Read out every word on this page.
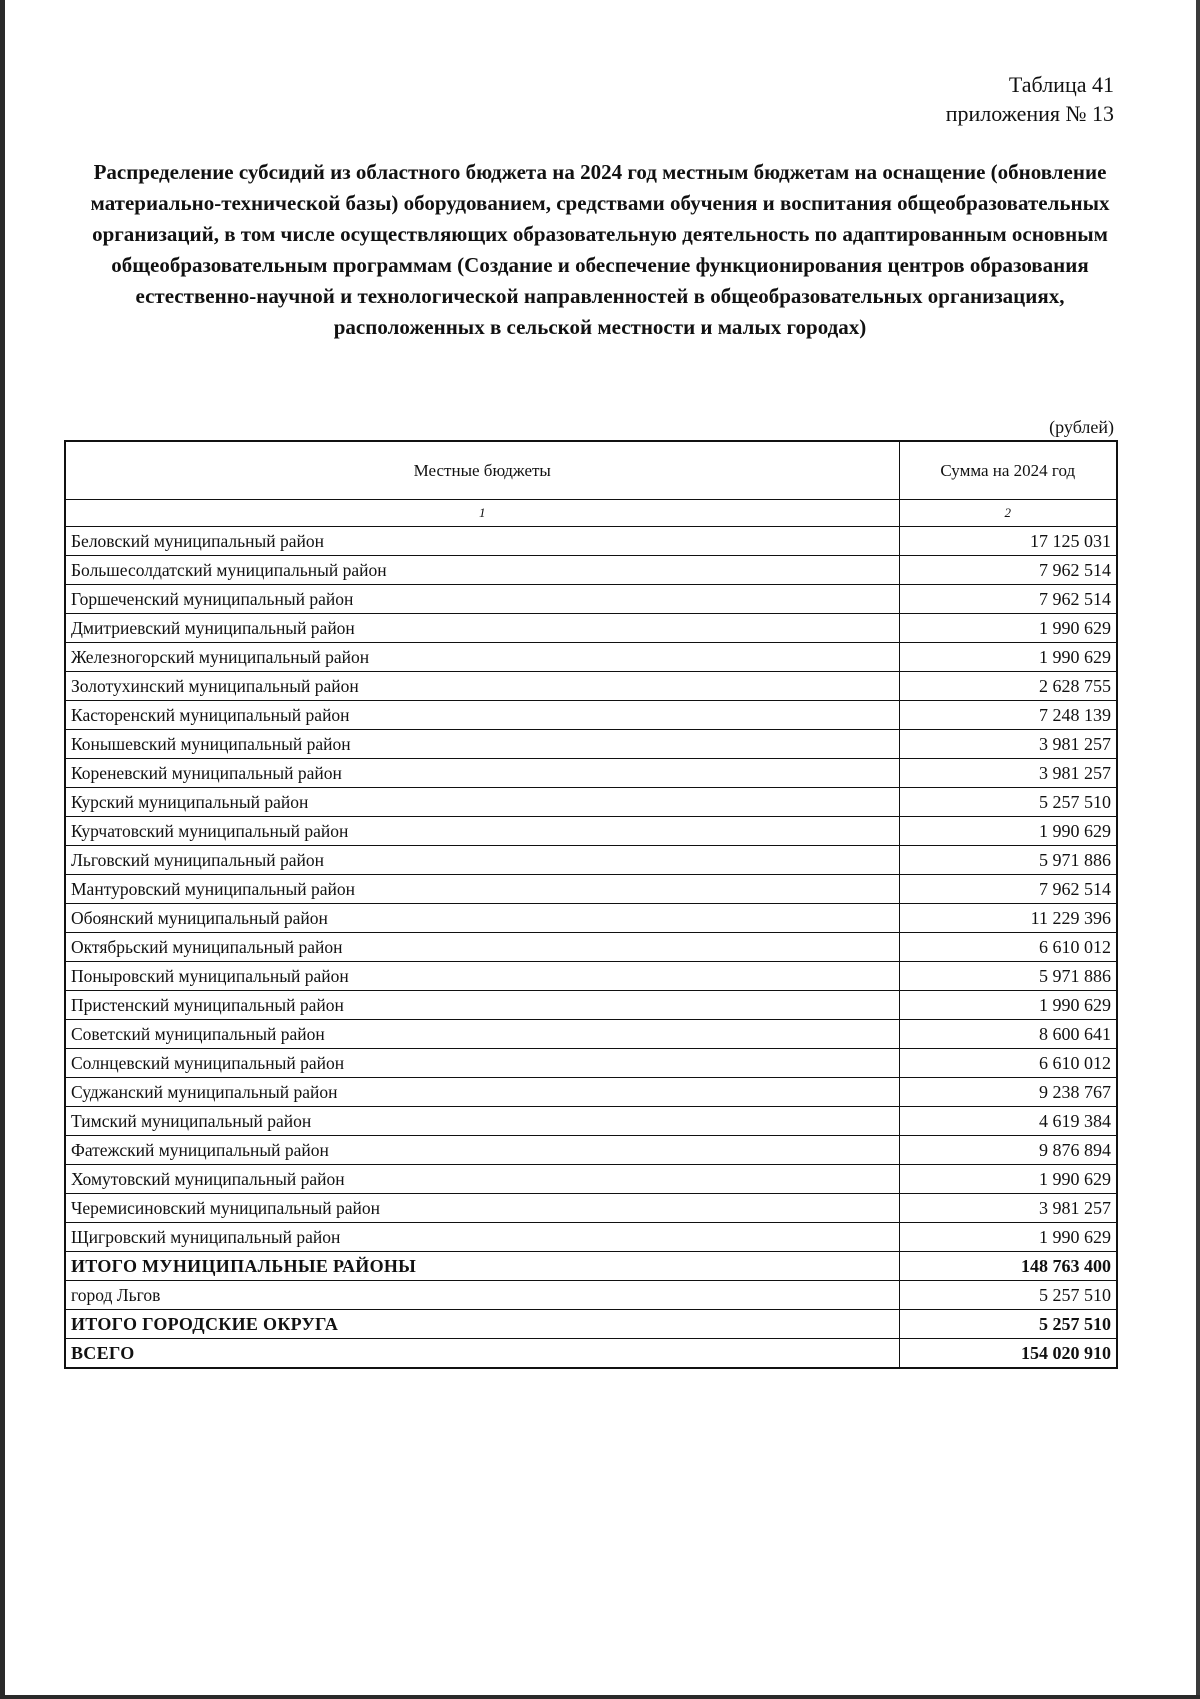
Таблица 41
приложения № 13
Распределение субсидий из областного бюджета на 2024 год местным бюджетам на оснащение (обновление материально-технической базы) оборудованием, средствами обучения и воспитания общеобразовательных организаций, в том числе осуществляющих образовательную деятельность по адаптированным основным общеобразовательным программам (Создание и обеспечение функционирования центров образования естественно-научной и технологической направленностей в общеобразовательных организациях, расположенных в сельской местности и малых городах)
(рублей)
Местные бюджеты	Сумма на 2024 год
1	2
Беловский муниципальный район	17 125 031
Большесолдатский муниципальный район	7 962 514
Горшеченский муниципальный район	7 962 514
Дмитриевский муниципальный район	1 990 629
Железногорский муниципальный район	1 990 629
Золотухинский муниципальный район	2 628 755
Касторенский муниципальный район	7 248 139
Конышевский муниципальный район	3 981 257
Кореневский муниципальный район	3 981 257
Курский муниципальный район	5 257 510
Курчатовский муниципальный район	1 990 629
Льговский муниципальный район	5 971 886
Мантуровский муниципальный район	7 962 514
Обоянский муниципальный район	11 229 396
Октябрьский муниципальный район	6 610 012
Поныровский муниципальный район	5 971 886
Пристенский муниципальный район	1 990 629
Советский муниципальный район	8 600 641
Солнцевский муниципальный район	6 610 012
Суджанский муниципальный район	9 238 767
Тимский муниципальный район	4 619 384
Фатежский муниципальный район	9 876 894
Хомутовский муниципальный район	1 990 629
Черемисиновский муниципальный район	3 981 257
Щигровский муниципальный район	1 990 629
ИТОГО МУНИЦИПАЛЬНЫЕ РАЙОНЫ	148 763 400
город Льгов	5 257 510
ИТОГО ГОРОДСКИЕ ОКРУГА	5 257 510
ВСЕГО	154 020 910
